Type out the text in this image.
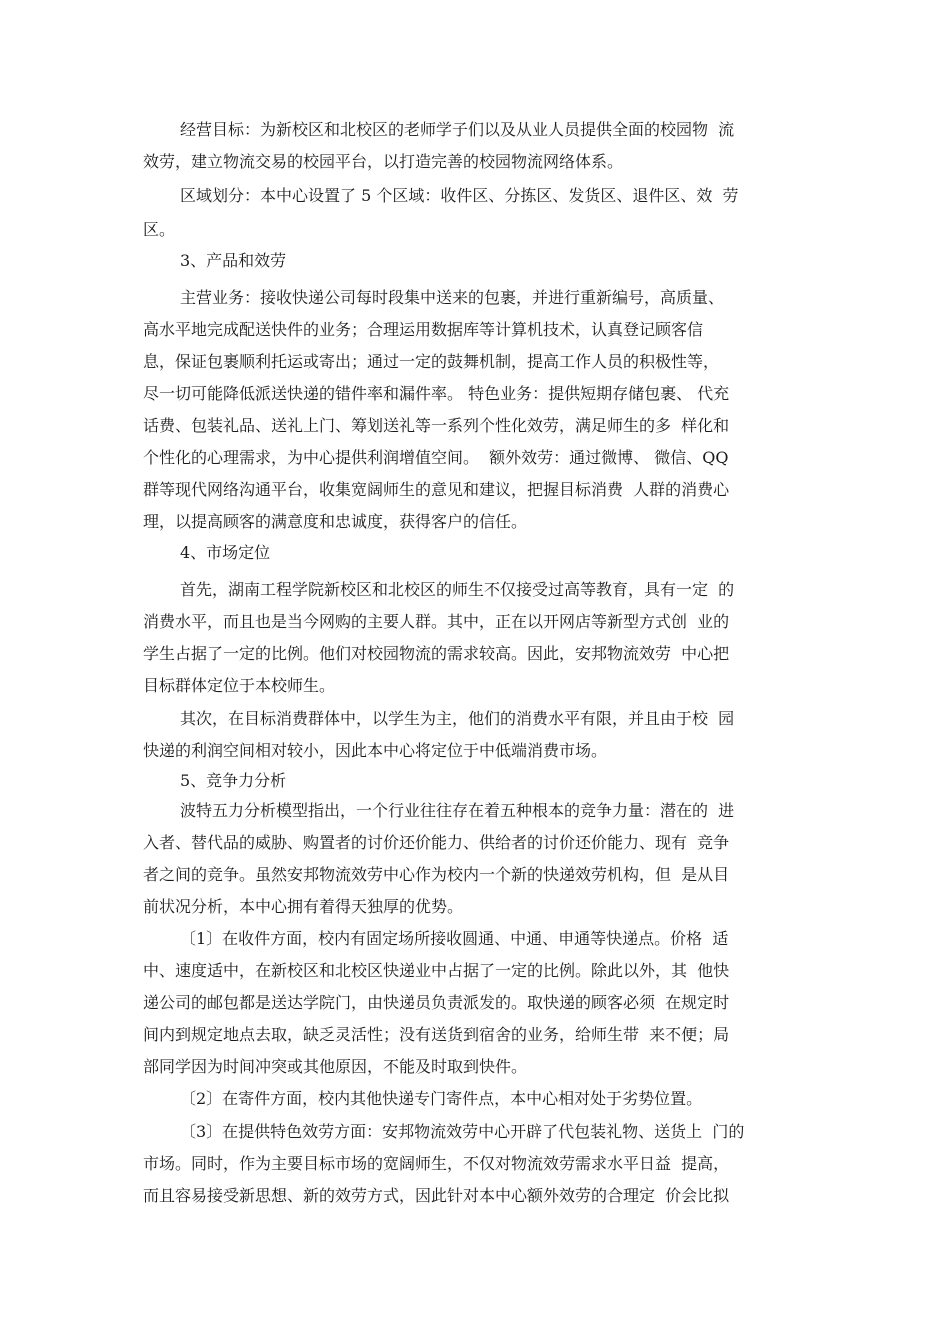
经营目标：为新校区和北校区的老师学子们以及从业人员提供全面的校园物  流

效劳，建立物流交易的校园平台，以打造完善的校园物流网络体系。

区域划分：本中心设置了 5 个区域：收件区、分拣区、发货区、退件区、效  劳

区。

3、产品和效劳

主营业务：接收快递公司每时段集中送来的包裹，并进行重新编号，高质量、

高水平地完成配送快件的业务；合理运用数据库等计算机技术，认真登记顾客信

息，保证包裹顺利托运或寄出；通过一定的鼓舞机制，提高工作人员的积极性等，

尽一切可能降低派送快递的错件率和漏件率。 特色业务：提供短期存储包裹、 代充

话费、包装礼品、送礼上门、筹划送礼等一系列个性化效劳，满足师生的多  样化和

个性化的心理需求，为中心提供利润增值空间。  额外效劳：通过微博、 微信、QQ

群等现代网络沟通平台，收集宽阔师生的意见和建议，把握目标消费  人群的消费心

理，以提高顾客的满意度和忠诚度，获得客户的信任。

4、市场定位

首先，湖南工程学院新校区和北校区的师生不仅接受过高等教育，具有一定  的

消费水平，而且也是当今网购的主要人群。其中，正在以开网店等新型方式创  业的

学生占据了一定的比例。他们对校园物流的需求较高。因此，安邦物流效劳  中心把

目标群体定位于本校师生。

其次，在目标消费群体中，以学生为主，他们的消费水平有限，并且由于校  园

快递的利润空间相对较小，因此本中心将定位于中低端消费市场。

5、竞争力分析

波特五力分析模型指出，一个行业往往存在着五种根本的竞争力量：潜在的  进

入者、替代品的威胁、购置者的讨价还价能力、供给者的讨价还价能力、现有  竞争

者之间的竞争。虽然安邦物流效劳中心作为校内一个新的快递效劳机构，但  是从目

前状况分析，本中心拥有着得天独厚的优势。

〔1〕在收件方面，校内有固定场所接收圆通、中通、申通等快递点。价格  适

中、速度适中，在新校区和北校区快递业中占据了一定的比例。除此以外，其  他快

递公司的邮包都是送达学院门，由快递员负责派发的。取快递的顾客必须  在规定时

间内到规定地点去取，缺乏灵活性；没有送货到宿舍的业务，给师生带  来不便；局

部同学因为时间冲突或其他原因，不能及时取到快件。

〔2〕在寄件方面，校内其他快递专门寄件点，本中心相对处于劣势位置。

〔3〕在提供特色效劳方面：安邦物流效劳中心开辟了代包装礼物、送货上  门的

市场。同时，作为主要目标市场的宽阔师生，不仅对物流效劳需求水平日益  提高，

而且容易接受新思想、新的效劳方式，因此针对本中心额外效劳的合理定  价会比拟
